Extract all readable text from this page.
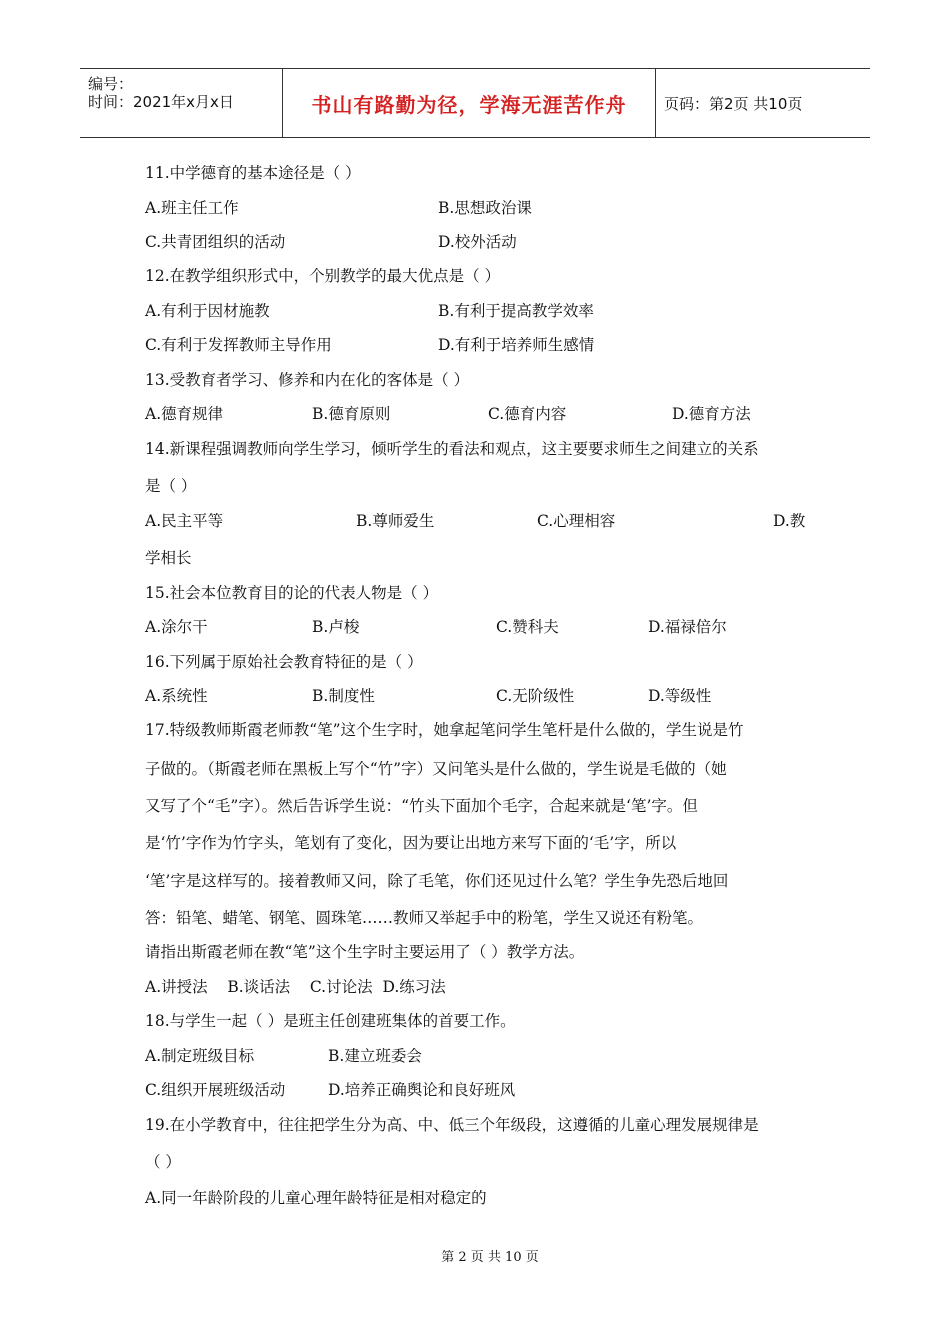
编号：
时间：2021年x月x日	书山有路勤为径，学海无涯苦作舟	页码：第2页 共10页
11.中学德育的基本途径是（ ）
A.班主任工作	B.思想政治课
C.共青团组织的活动	D.校外活动
12.在教学组织形式中，个别教学的最大优点是（ ）
A.有利于因材施教	B.有利于提高教学效率
C.有利于发挥教师主导作用	D.有利于培养师生感情
13.受教育者学习、修养和内在化的客体是（ ）
A.德育规律	B.德育原则	C.德育内容	D.德育方法
14.新课程强调教师向学生学习，倾听学生的看法和观点，这主要要求师生之间建立的关系
是（ ）
A.民主平等	B.尊师爱生	C.心理相容	D.教
学相长
15.社会本位教育目的论的代表人物是（ ）
A.涂尔干	B.卢梭	C.赞科夫	D.福禄倍尔
16.下列属于原始社会教育特征的是（ ）
A.系统性	B.制度性	C.无阶级性	D.等级性
17.特级教师斯霞老师教“笔”这个生字时，她拿起笔问学生笔杆是什么做的，学生说是竹
子做的。（斯霞老师在黑板上写个“竹”字）又问笔头是什么做的，学生说是毛做的（她
又写了个“毛”字）。然后告诉学生说：“竹头下面加个毛字，合起来就是‘笔’字。但
是‘竹’字作为竹字头，笔划有了变化，因为要让出地方来写下面的‘毛’字，所以
‘笔’字是这样写的。接着教师又问，除了毛笔，你们还见过什么笔？学生争先恐后地回
答：铅笔、蜡笔、钢笔、圆珠笔……教师又举起手中的粉笔，学生又说还有粉笔。
请指出斯霞老师在教“笔”这个生字时主要运用了（ ）教学方法。
A.讲授法    B.谈话法    C.讨论法  D.练习法
18.与学生一起（ ）是班主任创建班集体的首要工作。
A.制定班级目标	B.建立班委会
C.组织开展班级活动	D.培养正确舆论和良好班风
19.在小学教育中，往往把学生分为高、中、低三个年级段，这遵循的儿童心理发展规律是
（ ）
A.同一年龄阶段的儿童心理年龄特征是相对稳定的
第 2 页 共 10 页
